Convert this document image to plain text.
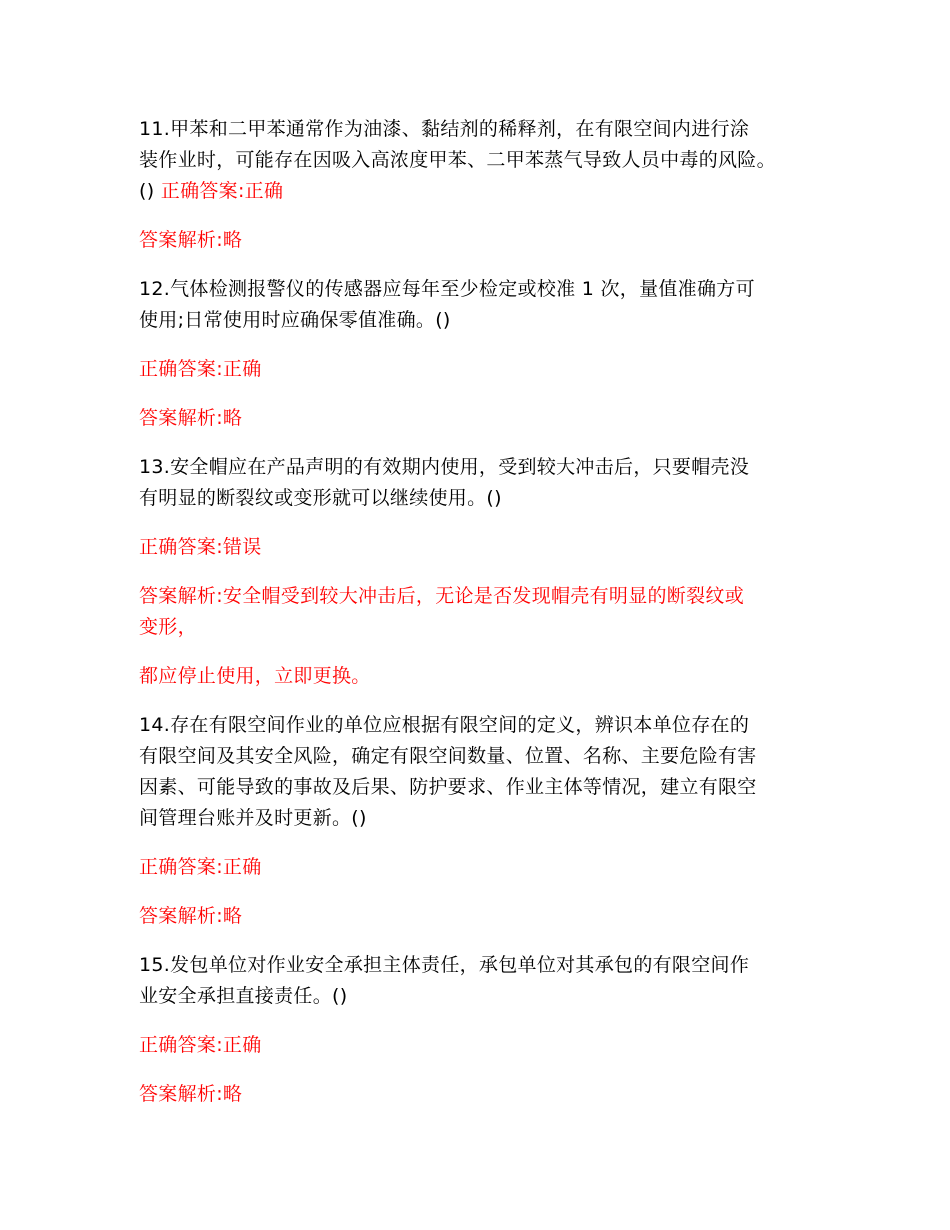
11.甲苯和二甲苯通常作为油漆、黏结剂的稀释剂，在有限空间内进行涂
装作业时，可能存在因吸入高浓度甲苯、二甲苯蒸气导致人员中毒的风险。
() 正确答案:正确
答案解析:略
12.气体检测报警仪的传感器应每年至少检定或校准 1 次，量值准确方可
使用;日常使用时应确保零值准确。()
正确答案:正确
答案解析:略
13.安全帽应在产品声明的有效期内使用，受到较大冲击后，只要帽壳没
有明显的断裂纹或变形就可以继续使用。()
正确答案:错误
答案解析:安全帽受到较大冲击后，无论是否发现帽壳有明显的断裂纹或
变形，
都应停止使用，立即更换。
14.存在有限空间作业的单位应根据有限空间的定义，辨识本单位存在的
有限空间及其安全风险，确定有限空间数量、位置、名称、主要危险有害
因素、可能导致的事故及后果、防护要求、作业主体等情况，建立有限空
间管理台账并及时更新。()
正确答案:正确
答案解析:略
15.发包单位对作业安全承担主体责任，承包单位对其承包的有限空间作
业安全承担直接责任。()
正确答案:正确
答案解析:略
